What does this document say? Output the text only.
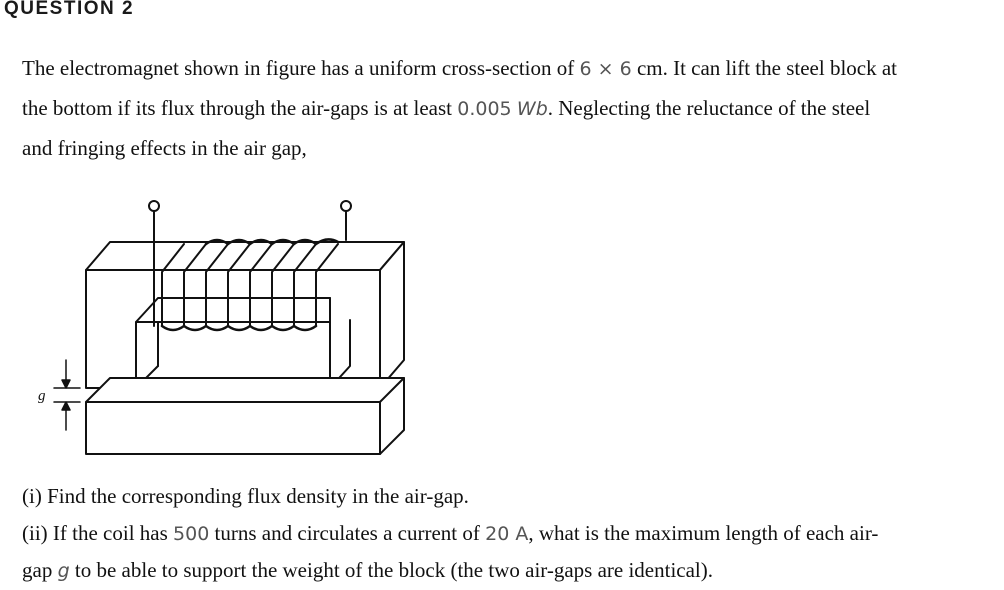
QUESTION 2
The electromagnet shown in figure has a uniform cross-section of 6 × 6 cm. It can lift the steel block at
the bottom if its flux through the air-gaps is at least 0.005 Wb. Neglecting the reluctance of the steel
and fringing effects in the air gap,
g
(i) Find the corresponding flux density in the air-gap.
(ii) If the coil has 500 turns and circulates a current of 20 A, what is the maximum length of each air-
gap g to be able to support the weight of the block (the two air-gaps are identical).
